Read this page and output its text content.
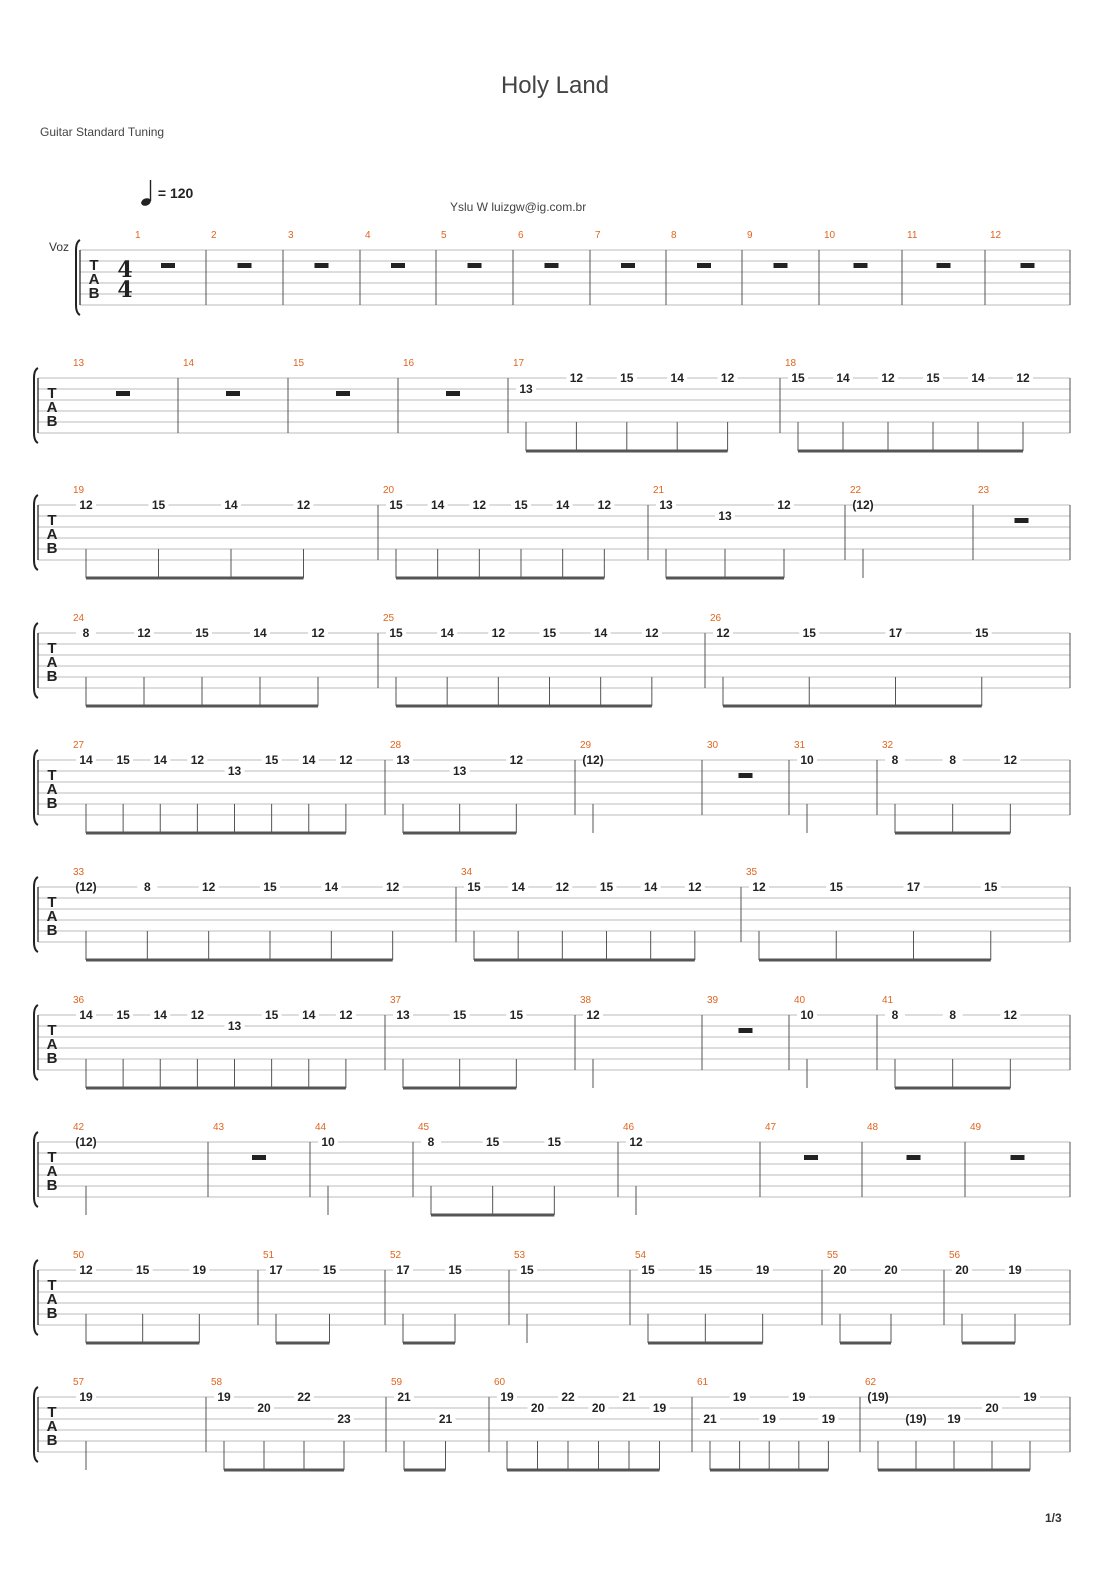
Holy Land
Guitar Standard Tuning
= 120
Yslu W luizgw@ig.com.br
Voz
T
A
B
4
4
1	2	3	4	5	6	7	8	9	10	11	12
T
A
B
13	14	15	16	17
13
12	15	14	12
18
15	14	12	15	14	12
T
A
B
19
12	15	14	12
20
15 14 12 15 14 12
21
13
13
12
22
(12)
23
T
A
B
24
8	12	15	14	12
25
15	14	12	15	14	12
26
12	15	17	15
T
A
B
27
14 15 14 12
13
15 14 12
28
13
13
12
29
(12)
30	31
10
32
8	8	12
T
A
B
33
(12)	8	12	15	14	12
34
15	14	12	15	14	12
35
12	15	17	15
T
A
B
36
14 15 14 12
13
15 14 12
37
13	15	15
38
12
39	40
10
41
8	8	12
T
A
B
42
(12)
43	44
10
45
8	15	15
46
12
47	48	49
T
A
B
50
12	15	19
51
17	15
52
17	15
53
15
54
15	15	19
55
20	20
56
20	19
T
A
B
57
19
58
19
20
22
23
59
21
21
60
19
20
22
20
21
19
61
21
19
19
19
19
62
(19)
(19) 19
20
19
1/3
